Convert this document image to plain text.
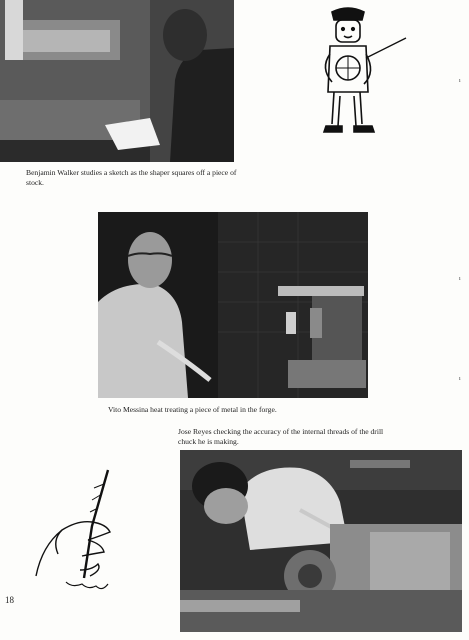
Benjamin Walker studies a sketch as the shaper squares off a piece of stock.
Vito Messina heat treating a piece of metal in the forge.
Jose Reyes checking the accuracy of the internal threads of the drill chuck he is making.
18
ı
ı
ı
